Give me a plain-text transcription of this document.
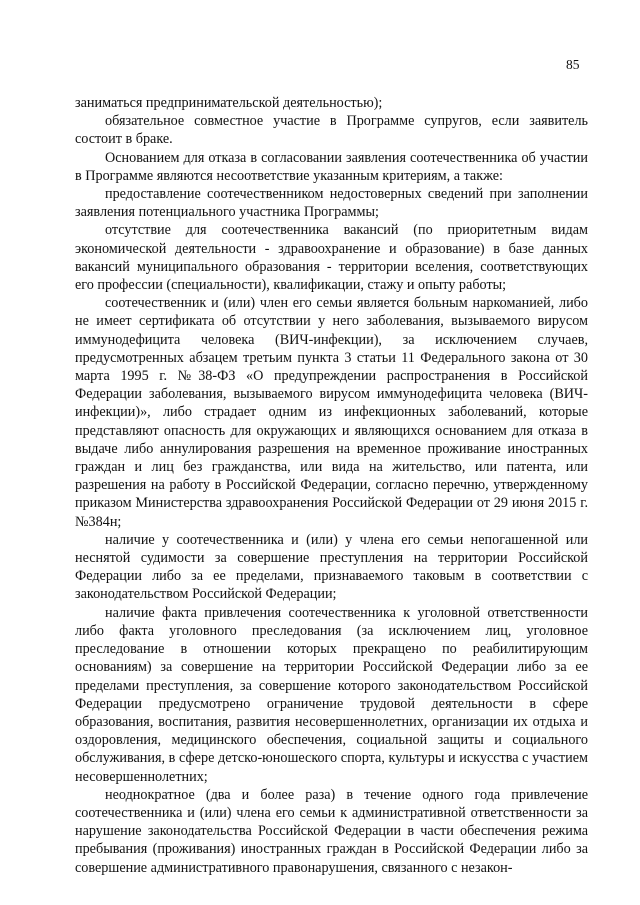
85

заниматься предпринимательской деятельностью);

обязательное совместное участие в Программе супругов, если заявитель состоит в браке.

Основанием для отказа в согласовании заявления соотечественника об участии в Программе являются несоответствие указанным критериям, а также:

предоставление соотечественником недостоверных сведений при заполнении заявления потенциального участника Программы;

отсутствие для соотечественника вакансий (по приоритетным видам экономической деятельности - здравоохранение и образование) в базе данных вакансий муниципального образования - территории вселения, соответствующих его профессии (специальности), квалификации, стажу и опыту работы;

соотечественник и (или) член его семьи является больным наркоманией, либо не имеет сертификата об отсутствии у него заболевания, вызываемого вирусом иммунодефицита человека (ВИЧ-инфекции), за исключением случаев, предусмотренных абзацем третьим пункта 3 статьи 11 Федерального закона от 30 марта 1995 г. №38-ФЗ «О предупреждении распространения в Российской Федерации заболевания, вызываемого вирусом иммунодефицита человека (ВИЧ-инфекции)», либо страдает одним из инфекционных заболеваний, которые представляют опасность для окружающих и являющихся основанием для отказа в выдаче либо аннулирования разрешения на временное проживание иностранных граждан и лиц без гражданства, или вида на жительство, или патента, или разрешения на работу в Российской Федерации, согласно перечню, утвержденному приказом Министерства здравоохранения Российской Федерации от 29 июня 2015 г. №384н;

наличие у соотечественника и (или) у члена его семьи непогашенной или неснятой судимости за совершение преступления на территории Российской Федерации либо за ее пределами, признаваемого таковым в соответствии с законодательством Российской Федерации;

наличие факта привлечения соотечественника к уголовной ответственности либо факта уголовного преследования (за исключением лиц, уголовное преследование в отношении которых прекращено по реабилитирующим основаниям) за совершение на территории Российской Федерации либо за ее пределами преступления, за совершение которого законодательством Российской Федерации предусмотрено ограничение трудовой деятельности в сфере образования, воспитания, развития несовершеннолетних, организации их отдыха и оздоровления, медицинского обеспечения, социальной защиты и социального обслуживания, в сфере детско-юношеского спорта, культуры и искусства с участием несовершеннолетних;

неоднократное (два и более раза) в течение одного года привлечение соотечественника и (или) члена его семьи к административной ответственности за нарушение законодательства Российской Федерации в части обеспечения режима пребывания (проживания) иностранных граждан в Российской Федерации либо за совершение административного правонарушения, связанного с незакон-
